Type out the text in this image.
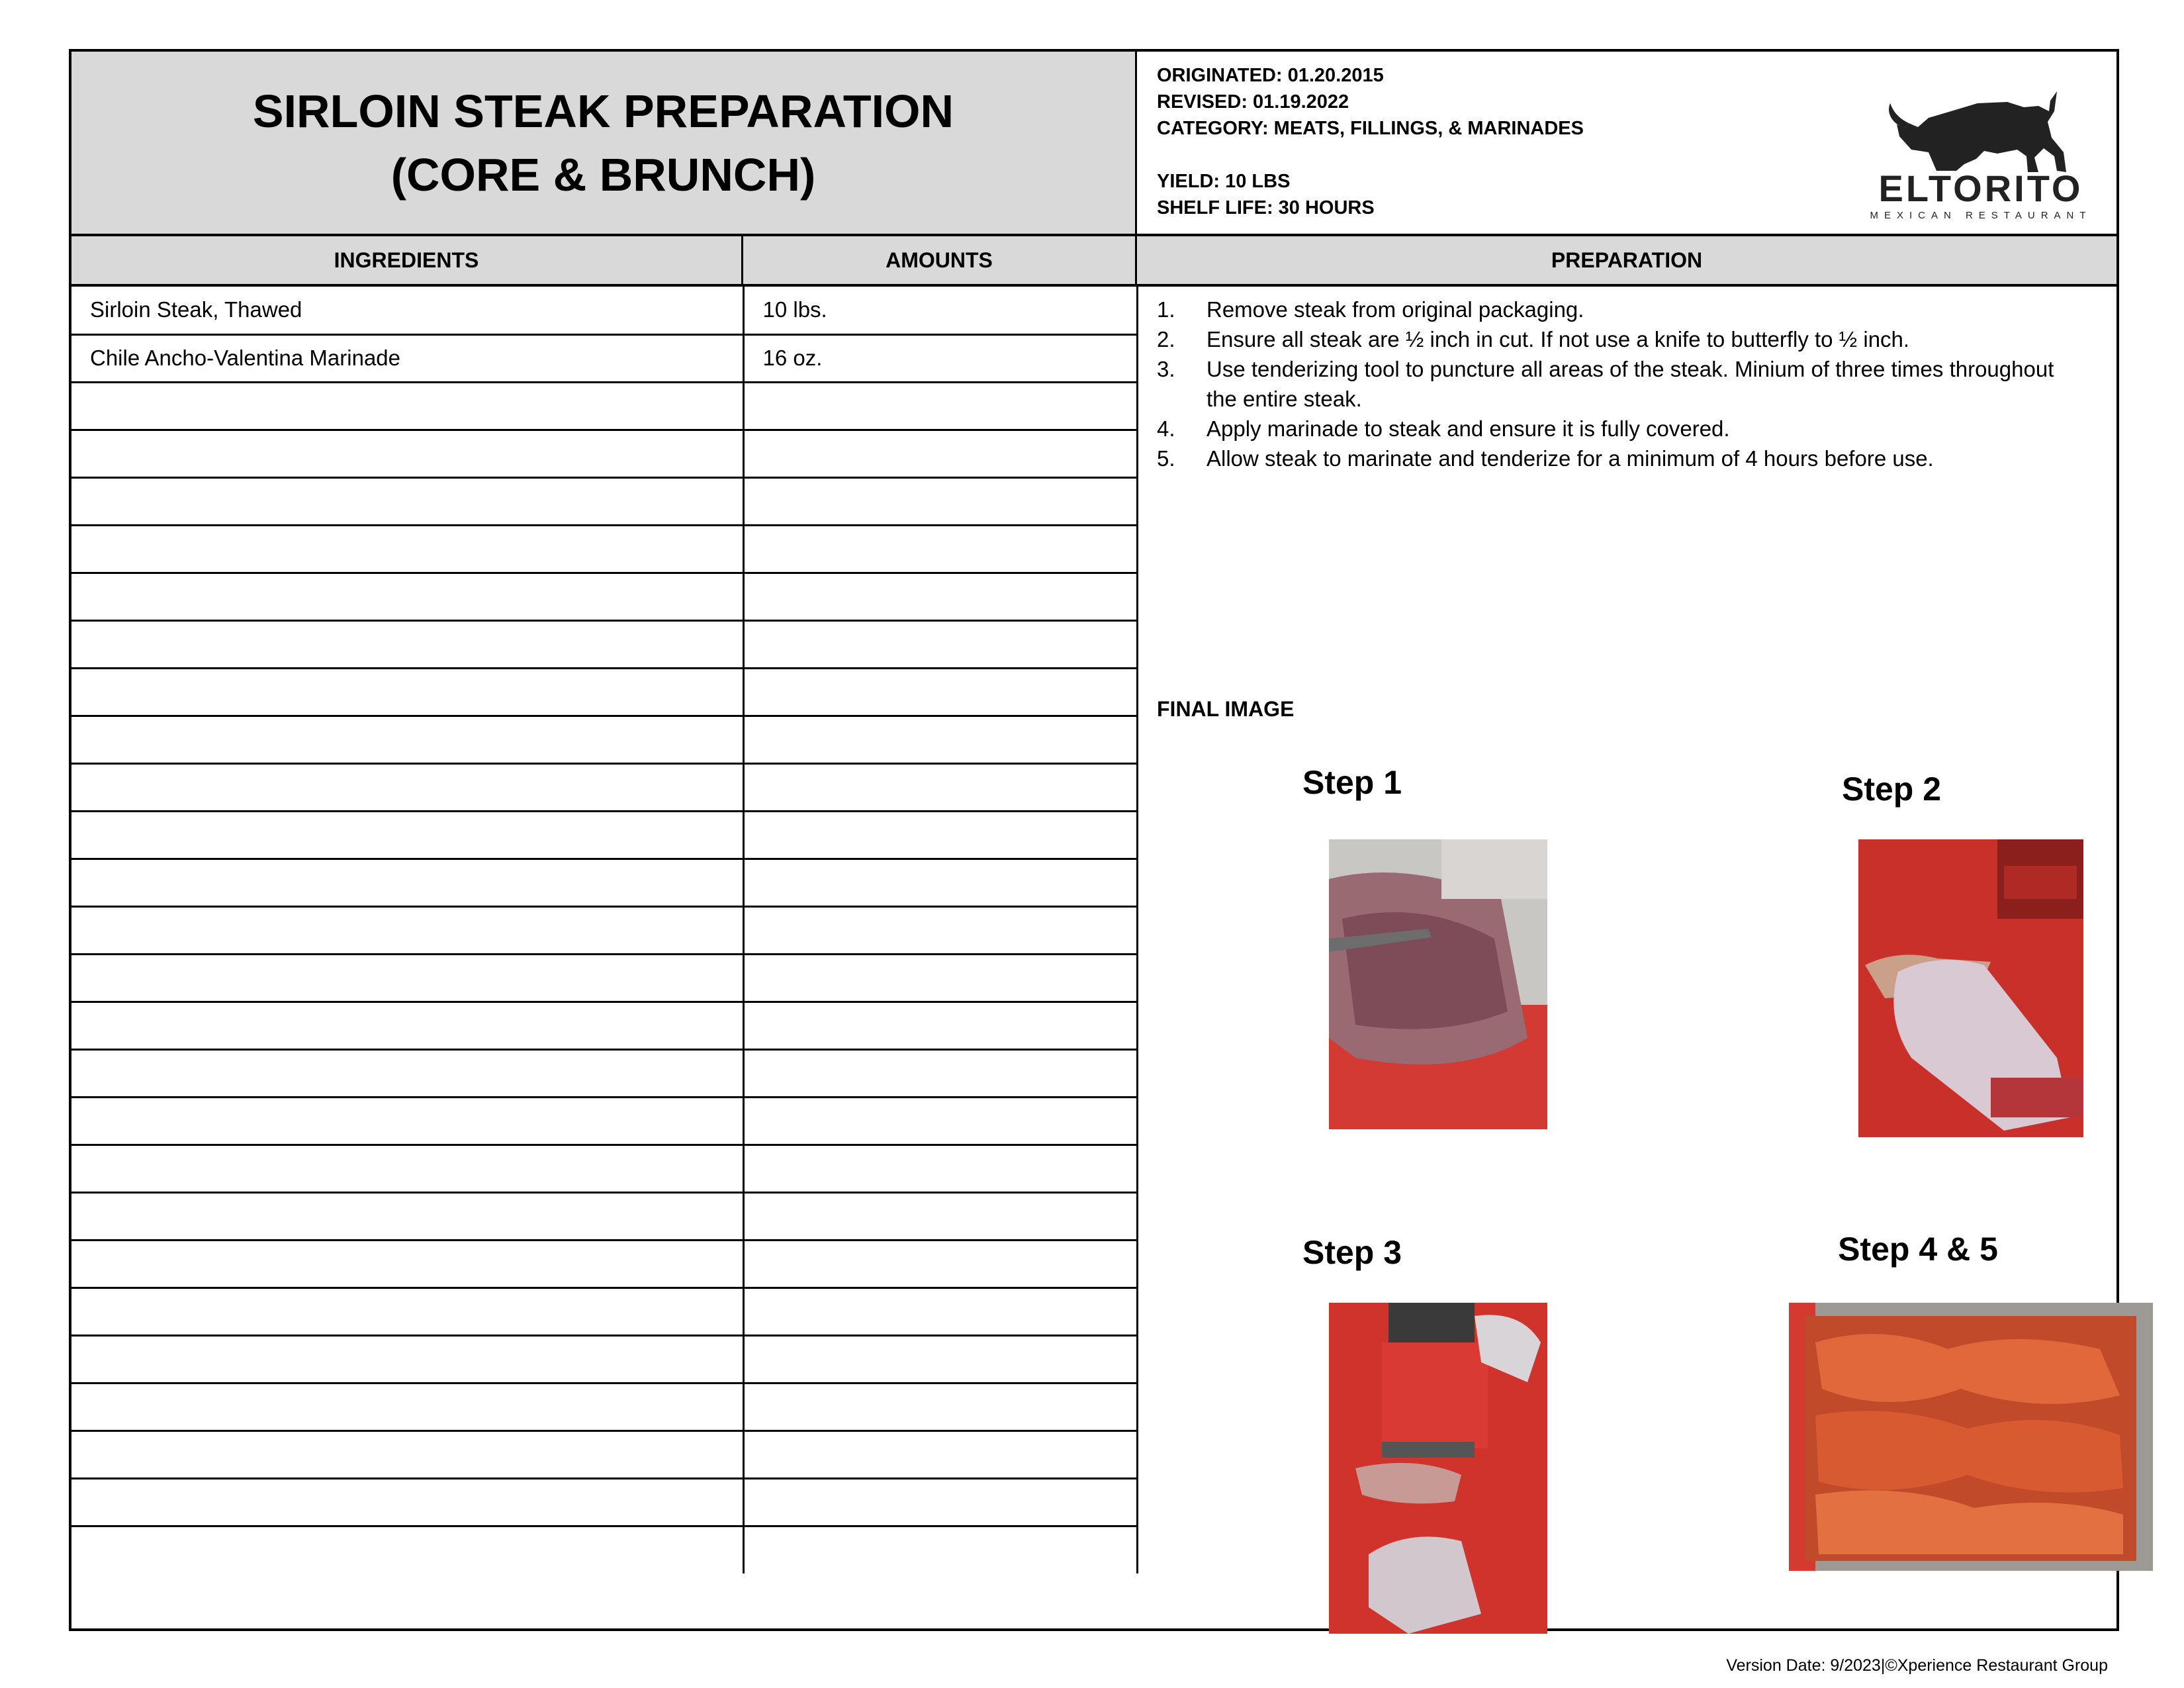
SIRLOIN STEAK PREPARATION
(CORE & BRUNCH)
ORIGINATED: 01.20.2015
REVISED: 01.19.2022
CATEGORY: MEATS, FILLINGS, & MARINADES
YIELD: 10 LBS
SHELF LIFE: 30 HOURS	ELTORITO
MEXICAN RESTAURANT
INGREDIENTS	AMOUNTS	PREPARATION
Sirloin Steak, Thawed	10 lbs.
Chile Ancho-Valentina Marinade	16 oz.

1.	Remove steak from original packaging.
2.	Ensure all steak are ½ inch in cut. If not use a knife to butterfly to ½ inch.
3.	Use tenderizing tool to puncture all areas of the steak. Minium of three times throughout the entire steak.
4.	Apply marinade to steak and ensure it is fully covered.
5.	Allow steak to marinate and tenderize for a minimum of 4 hours before use.
FINAL IMAGE
Step 1	Step 2
Step 3	Step 4 & 5
Version Date: 9/2023|©Xperience Restaurant Group
